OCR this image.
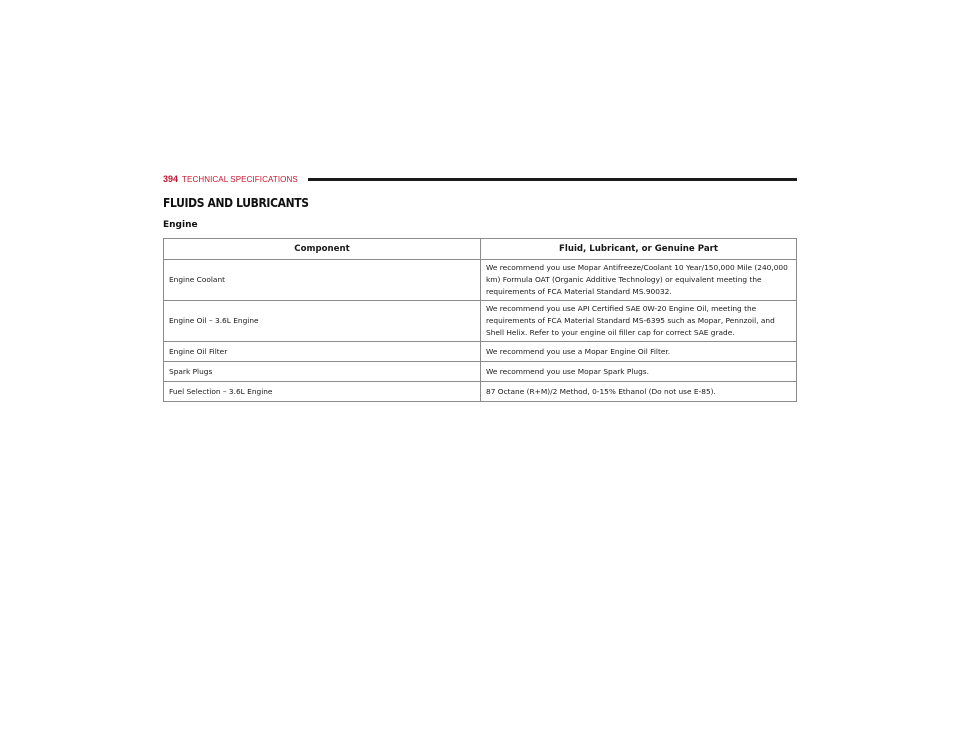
394 TECHNICAL SPECIFICATIONS
FLUIDS AND LUBRICANTS
Engine
Component	Fluid, Lubricant, or Genuine Part
Engine Coolant	We recommend you use Mopar Antifreeze/Coolant 10 Year/150,000 Mile (240,000 km) Formula OAT (Organic Additive Technology) or equivalent meeting the requirements of FCA Material Standard MS.90032.
Engine Oil – 3.6L Engine	We recommend you use API Certified SAE 0W-20 Engine Oil, meeting the requirements of FCA Material Standard MS-6395 such as Mopar, Pennzoil, and Shell Helix. Refer to your engine oil filler cap for correct SAE grade.
Engine Oil Filter	We recommend you use a Mopar Engine Oil Filter.
Spark Plugs	We recommend you use Mopar Spark Plugs.
Fuel Selection – 3.6L Engine	87 Octane (R+M)/2 Method, 0-15% Ethanol (Do not use E-85).
